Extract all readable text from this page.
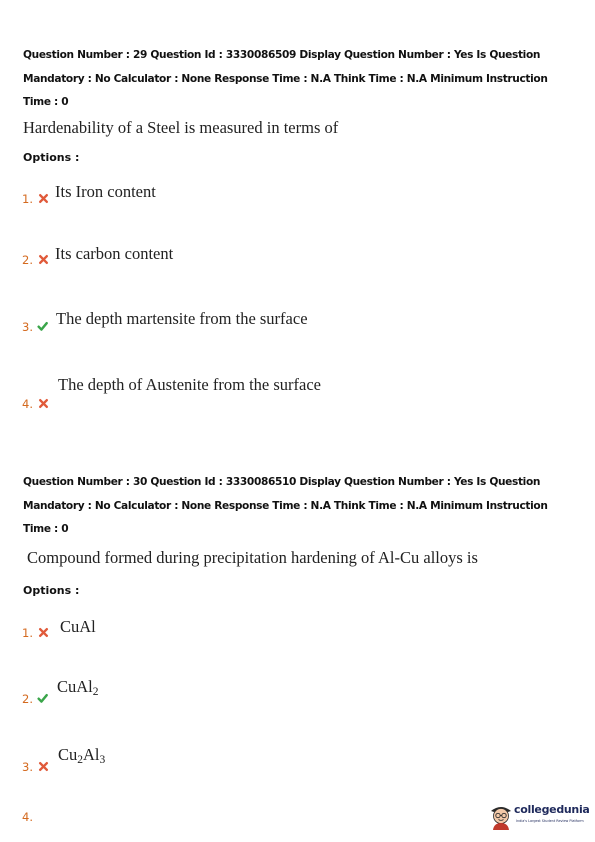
Question Number : 29 Question Id : 3330086509 Display Question Number : Yes Is Question
Mandatory : No Calculator : None Response Time : N.A Think Time : N.A Minimum Instruction
Time : 0
Hardenability of a Steel is measured in terms of
Options :
1. Its Iron content
2. Its carbon content
3. The depth martensite from the surface
4.
The depth of Austenite from the surface
Question Number : 30 Question Id : 3330086510 Display Question Number : Yes Is Question
Mandatory : No Calculator : None Response Time : N.A Think Time : N.A Minimum Instruction
Time : 0
Compound formed during precipitation hardening of Al-Cu alloys is
Options :
1. CuAl
2.
CuAl$_2$
3.
$Cu_2Al_3$
4.
collegedunia
India's Largest Student Review Platform
